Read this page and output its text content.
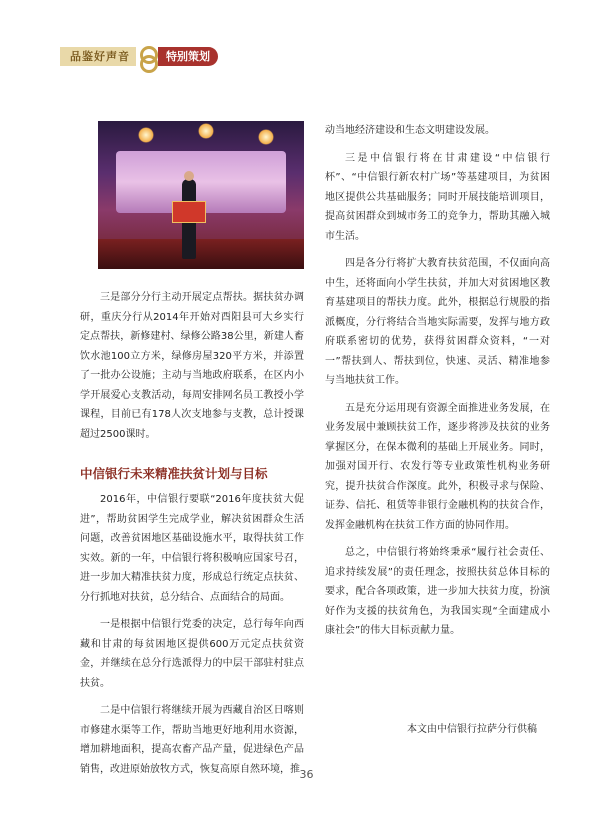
品鉴好声音	特别策划

三是部分分行主动开展定点帮扶。据扶贫办调研，重庆分行从2014年开始对酉阳县可大乡实行定点帮扶，新修建村、绿修公路38公里，新建人畜饮水池100立方米，绿修房屋320平方米，并添置了一批办公设施；主动与当地政府联系，在区内小学开展爱心支教活动，每周安排网名员工教授小学课程，目前已有178人次支地参与支教，总计授课超过2500课时。

中信银行未来精准扶贫计划与目标

2016年，中信银行要联“2016年度扶贫大促进”，帮助贫困学生完成学业，解决贫困群众生活问题，改善贫困地区基础设施水平，取得扶贫工作实效。新的一年，中信银行将积极响应国家号召，进一步加大精准扶贫力度，形成总行统定点扶贫、分行抓地对扶贫，总分结合、点面结合的局面。

一是根据中信银行党委的决定，总行每年向西藏和甘肃的每贫困地区提供600万元定点扶贫资金，并继续在总分行选派得力的中层干部驻村驻点扶贫。

二是中信银行将继续开展为西藏自治区日喀则市修建水渠等工作，帮助当地更好地利用水资源，增加耕地面积，提高农畜产品产量，促进绿色产品销售，改进原始放牧方式，恢复高原自然环境，推

动当地经济建设和生态文明建设发展。

三是中信银行将在甘肃建设“中信银行杯”、“中信银行新农村广场”等基建项目，为贫困地区提供公共基础服务；同时开展技能培训项目，提高贫困群众到城市务工的竞争力，帮助其融入城市生活。

四是各分行将扩大教育扶贫范围，不仅面向高中生，还将面向小学生扶贫，并加大对贫困地区教育基建项目的帮扶力度。此外，根据总行规股的指派概度，分行将结合当地实际需要，发挥与地方政府联系密切的优势，获得贫困群众资料，“一对一”帮扶到人、帮扶到位，快速、灵活、精准地参与当地扶贫工作。

五是充分运用现有资源全面推进业务发展，在业务发展中兼顾扶贫工作，逐步将涉及扶贫的业务掌握区分，在保本微利的基础上开展业务。同时，加强对国开行、农发行等专业政策性机构业务研究，提升扶贫合作深度。此外，积极寻求与保险、证券、信托、租赁等非银行金融机构的扶贫合作，发挥金融机构在扶贫工作方面的协同作用。

总之，中信银行将始终秉承“履行社会责任、追求持续发展”的责任理念，按照扶贫总体目标的要求，配合各项政策，进一步加大扶贫力度，扮演好作为支援的扶贫角色，为我国实现“全面建成小康社会”的伟大目标贡献力量。

本文由中信银行拉萨分行供稿
36
